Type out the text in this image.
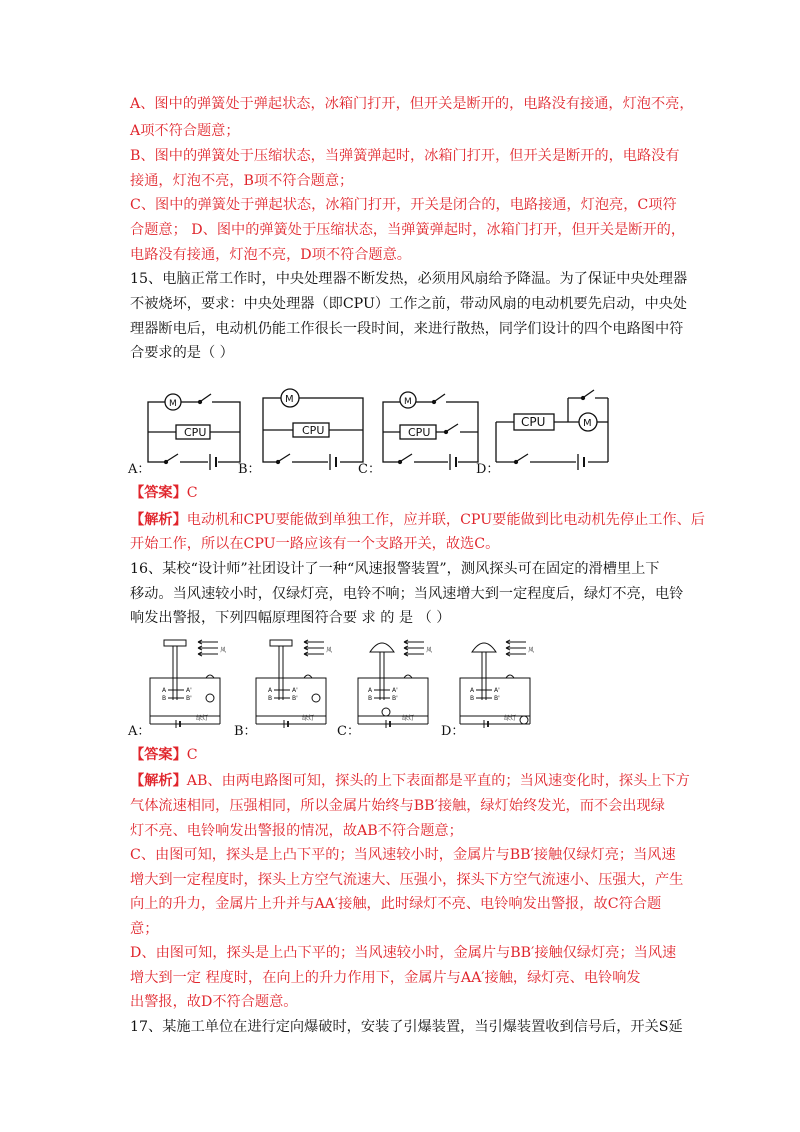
A、图中的弹簧处于弹起状态，冰箱门打开，但开关是断开的，电路没有接通，灯泡不亮，
A项不符合题意；
B、图中的弹簧处于压缩状态，当弹簧弹起时，冰箱门打开，但开关是断开的，电路没有
接通，灯泡不亮，B项不符合题意；
C、图中的弹簧处于弹起状态，冰箱门打开，开关是闭合的，电路接通，灯泡亮，C项符
合题意； D、图中的弹簧处于压缩状态，当弹簧弹起时，冰箱门打开，但开关是断开的，
电路没有接通，灯泡不亮，D项不符合题意。
15、电脑正常工作时，中央处理器不断发热，必须用风扇给予降温。为了保证中央处理器
不被烧坏，要求：中央处理器（即CPU）工作之前，带动风扇的电动机要先启动，中央处
理器断电后，电动机仍能工作很长一段时间，来进行散热，同学们设计的四个电路图中符
合要求的是（ ）
CPU	CPU	CPU
CPU
M	M	M
M
A：	B：	C：	D：
【答案】C
【解析】电动机和CPU要能做到单独工作，应并联，CPU要能做到比电动机先停止工作、后
开始工作，所以在CPU一路应该有一个支路开关，故选C。
16、某校“设计师”社团设计了一种“风速报警装置”，测风探头可在固定的滑槽里上下
移动。当风速较小时，仅绿灯亮，电铃不响；当风速增大到一定程度后，绿灯不亮，电铃
响发出警报，下列四幅原理图符合要 求 的 是 （ ）
风	风	风	风
A	A'
B	B'
A	A'
B	B'
A	A'
B	B'
A	A'
B	B'
绿灯	绿灯	绿灯	绿灯
A：	B：	C：	D：
【答案】C
【解析】AB、由两电路图可知，探头的上下表面都是平直的；当风速变化时，探头上下方
气体流速相同，压强相同，所以金属片始终与BB′接触，绿灯始终发光，而不会出现绿
灯不亮、电铃响发出警报的情况，故AB不符合题意；
C、由图可知，探头是上凸下平的；当风速较小时，金属片与BB′接触仅绿灯亮；当风速
增大到一定程度时，探头上方空气流速大、压强小，探头下方空气流速小、压强大，产生
向上的升力，金属片上升并与AA′接触，此时绿灯不亮、电铃响发出警报，故C符合题
意；
D、由图可知，探头是上凸下平的；当风速较小时，金属片与BB′接触仅绿灯亮；当风速
增大到一定 程度时，在向上的升力作用下，金属片与AA′接触，绿灯亮、电铃响发
出警报，故D不符合题意。
17、某施工单位在进行定向爆破时，安装了引爆装置，当引爆装置收到信号后，开关S延
